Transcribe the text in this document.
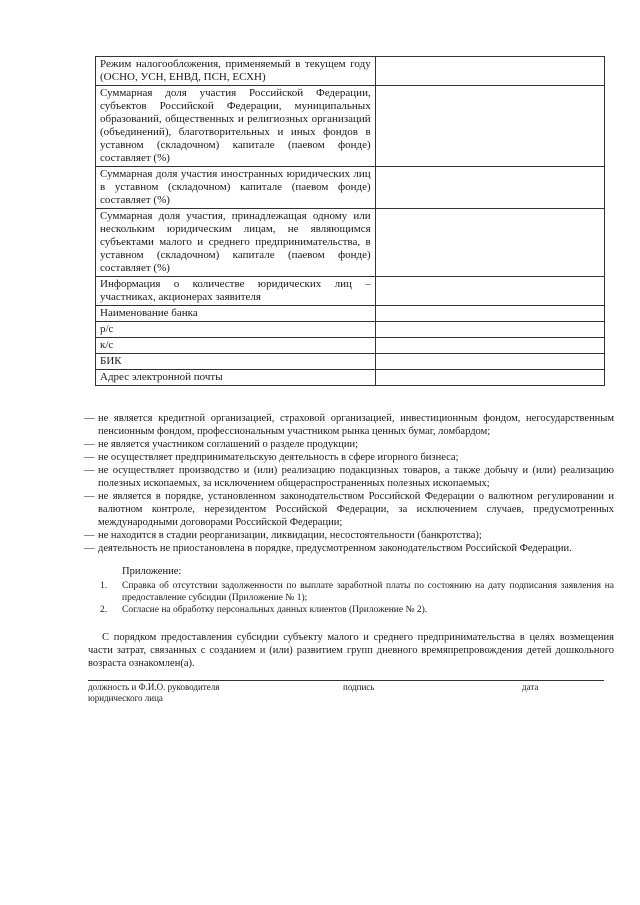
Режим налогообложения, применяемый в текущем году (ОСНО, УСН, ЕНВД, ПСН, ЕСХН)	
Суммарная доля участия Российской Федерации, субъектов Российской Федерации, муниципальных образований, общественных и религиозных организаций (объединений), благотворительных и иных фондов в уставном (складочном) капитале (паевом фонде) составляет (%)	
Суммарная доля участия иностранных юридических лиц в уставном (складочном) капитале (паевом фонде) составляет (%)	
Суммарная доля участия, принадлежащая одному или нескольким юридическим лицам, не являющимся субъектами малого и среднего предпринимательства, в уставном (складочном) капитале (паевом фонде) составляет (%)	
Информация о количестве юридических лиц – участниках, акционерах заявителя	
Наименование банка	
р/с	
к/с	
БИК	
Адрес электронной почты	
— не является кредитной организацией, страховой организацией, инвестиционным фондом, негосударственным пенсионным фондом, профессиональным участником рынка ценных бумаг, ломбардом;
— не является участником соглашений о разделе продукции;
— не осуществляет предпринимательскую деятельность в сфере игорного бизнеса;
— не осуществляет производство и (или) реализацию подакцизных товаров, а также добычу и (или) реализацию полезных ископаемых, за исключением общераспространенных полезных ископаемых;
— не является в порядке, установленном законодательством Российской Федерации о валютном регулировании и валютном контроле, нерезидентом Российской Федерации, за исключением случаев, предусмотренных международными договорами Российской Федерации;
— не находится в стадии реорганизации, ликвидации, несостоятельности (банкротства);
— деятельность не приостановлена в порядке, предусмотренном законодательством Российской Федерации.
Приложение:
1. Справка об отсутствии задолженности по выплате заработной платы по состоянию на дату подписания заявления на предоставление субсидии (Приложение № 1);
2. Согласие на обработку персональных данных клиентов (Приложение № 2).
С порядком предоставления субсидии субъекту малого и среднего предпринимательства в целях возмещения части затрат, связанных с созданием и (или) развитием групп дневного времяпрепровождения детей дошкольного возраста ознакомлен(а).
должность и Ф.И.О. руководителя юридического лица
подпись	дата
